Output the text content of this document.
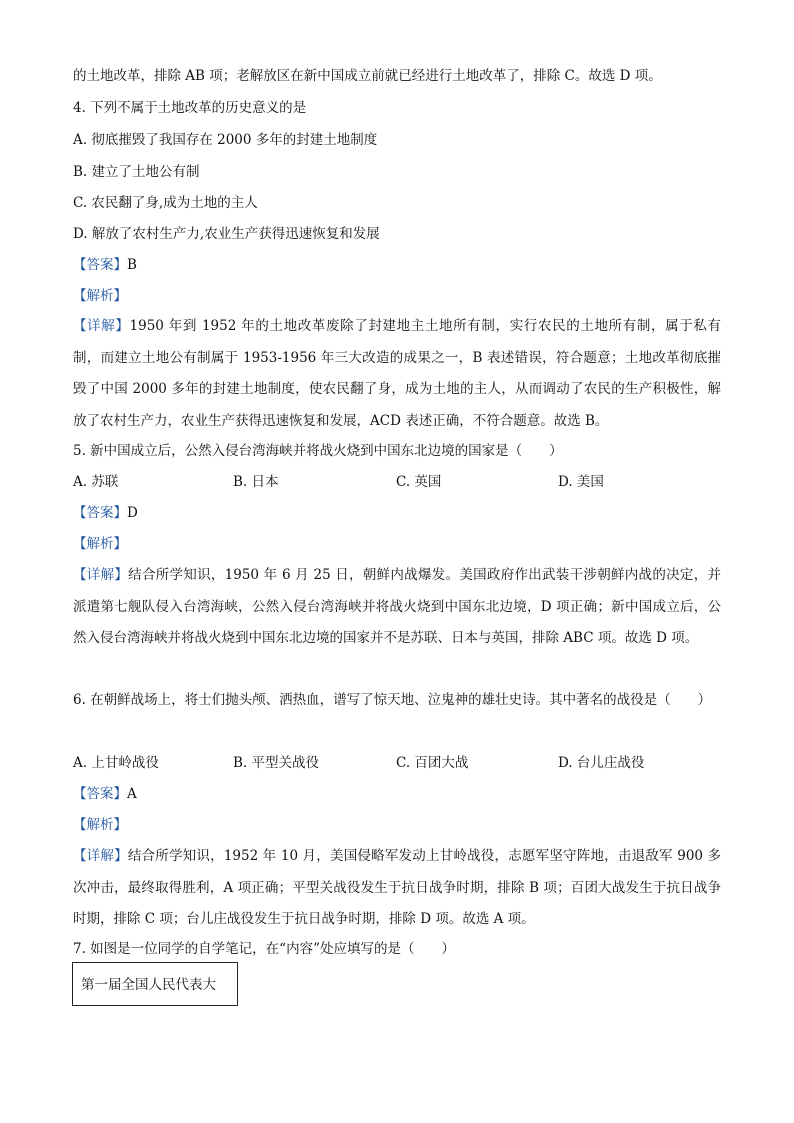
的土地改革，排除 AB 项；老解放区在新中国成立前就已经进行土地改革了，排除 C。故选 D 项。
4. 下列不属于土地改革的历史意义的是
A. 彻底摧毁了我国存在 2000 多年的封建土地制度
B. 建立了土地公有制
C. 农民翻了身,成为土地的主人
D. 解放了农村生产力,农业生产获得迅速恢复和发展
【答案】B
【解析】
【详解】1950 年到 1952 年的土地改革废除了封建地主土地所有制，实行农民的土地所有制，属于私有制，而建立土地公有制属于 1953-1956 年三大改造的成果之一，B 表述错误，符合题意；土地改革彻底摧毁了中国 2000 多年的封建土地制度，使农民翻了身，成为土地的主人，从而调动了农民的生产积极性，解放了农村生产力，农业生产获得迅速恢复和发展，ACD 表述正确，不符合题意。故选 B。
5. 新中国成立后，公然入侵台湾海峡并将战火烧到中国东北边境的国家是（　　）
A. 苏联	B. 日本	C. 英国	D. 美国
【答案】D
【解析】
【详解】结合所学知识，1950 年 6 月 25 日，朝鲜内战爆发。美国政府作出武装干涉朝鲜内战的决定，并派遣第七舰队侵入台湾海峡，公然入侵台湾海峡并将战火烧到中国东北边境，D 项正确；新中国成立后，公然入侵台湾海峡并将战火烧到中国东北边境的国家并不是苏联、日本与英国，排除 ABC 项。故选 D 项。
6. 在朝鲜战场上，将士们抛头颅、洒热血，谱写了惊天地、泣鬼神的雄壮史诗。其中著名的战役是（　　）
A. 上甘岭战役	B. 平型关战役	C. 百团大战	D. 台儿庄战役
【答案】A
【解析】
【详解】结合所学知识，1952 年 10 月，美国侵略军发动上甘岭战役，志愿军坚守阵地，击退敌军 900 多次冲击，最终取得胜利，A 项正确；平型关战役发生于抗日战争时期，排除 B 项；百团大战发生于抗日战争时期，排除 C 项；台儿庄战役发生于抗日战争时期，排除 D 项。故选 A 项。
7. 如图是一位同学的自学笔记，在“内容”处应填写的是（　　）
第一届全国人民代表大
